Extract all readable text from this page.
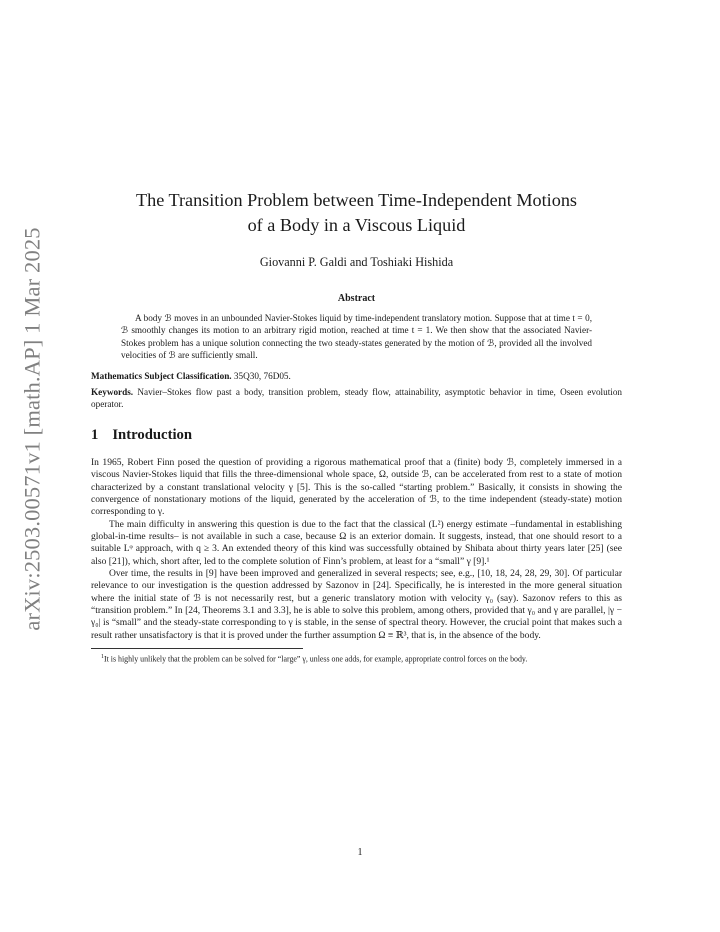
arXiv:2503.00571v1 [math.AP] 1 Mar 2025
The Transition Problem between Time-Independent Motions
of a Body in a Viscous Liquid
Giovanni P. Galdi and Toshiaki Hishida
Abstract

A body ℬ moves in an unbounded Navier-Stokes liquid by time-independent translatory motion. Suppose that at time t = 0, ℬ smoothly changes its motion to an arbitrary rigid motion, reached at time t = 1. We then show that the associated Navier-Stokes problem has a unique solution connecting the two steady-states generated by the motion of ℬ, provided all the involved velocities of ℬ are sufficiently small.

Mathematics Subject Classification. 35Q30, 76D05.
Keywords. Navier–Stokes flow past a body, transition problem, steady flow, attainability, asymptotic behavior in time, Oseen evolution operator.
1 Introduction

In 1965, Robert Finn posed the question of providing a rigorous mathematical proof that a (finite) body ℬ, completely immersed in a viscous Navier-Stokes liquid that fills the three-dimensional whole space, Ω, outside ℬ, can be accelerated from rest to a state of motion characterized by a constant translational velocity γ [5]. This is the so-called “starting problem.” Basically, it consists in showing the convergence of nonstationary motions of the liquid, generated by the acceleration of ℬ, to the time independent (steady-state) motion corresponding to γ.

The main difficulty in answering this question is due to the fact that the classical (L²) energy estimate –fundamental in establishing global-in-time results– is not available in such a case, because Ω is an exterior domain. It suggests, instead, that one should resort to a suitable Lᵠ approach, with q ≥ 3. An extended theory of this kind was successfully obtained by Shibata about thirty years later [25] (see also [21]), which, short after, led to the complete solution of Finn’s problem, at least for a “small” γ [9].¹

Over time, the results in [9] have been improved and generalized in several respects; see, e.g., [10, 18, 24, 28, 29, 30]. Of particular relevance to our investigation is the question addressed by Sazonov in [24]. Specifically, he is interested in the more general situation where the initial state of ℬ is not necessarily rest, but a generic translatory motion with velocity γ₀ (say). Sazonov refers to this as “transition problem.” In [24, Theorems 3.1 and 3.3], he is able to solve this problem, among others, provided that γ₀ and γ are parallel, |γ − γ₀| is “small” and the steady-state corresponding to γ is stable, in the sense of spectral theory. However, the crucial point that makes such a result rather unsatisfactory is that it is proved under the further assumption Ω ≡ ℝ³, that is, in the absence of the body.

$^1$It is highly unlikely that the problem can be solved for “large” γ, unless one adds, for example, appropriate control forces on the body.
1
